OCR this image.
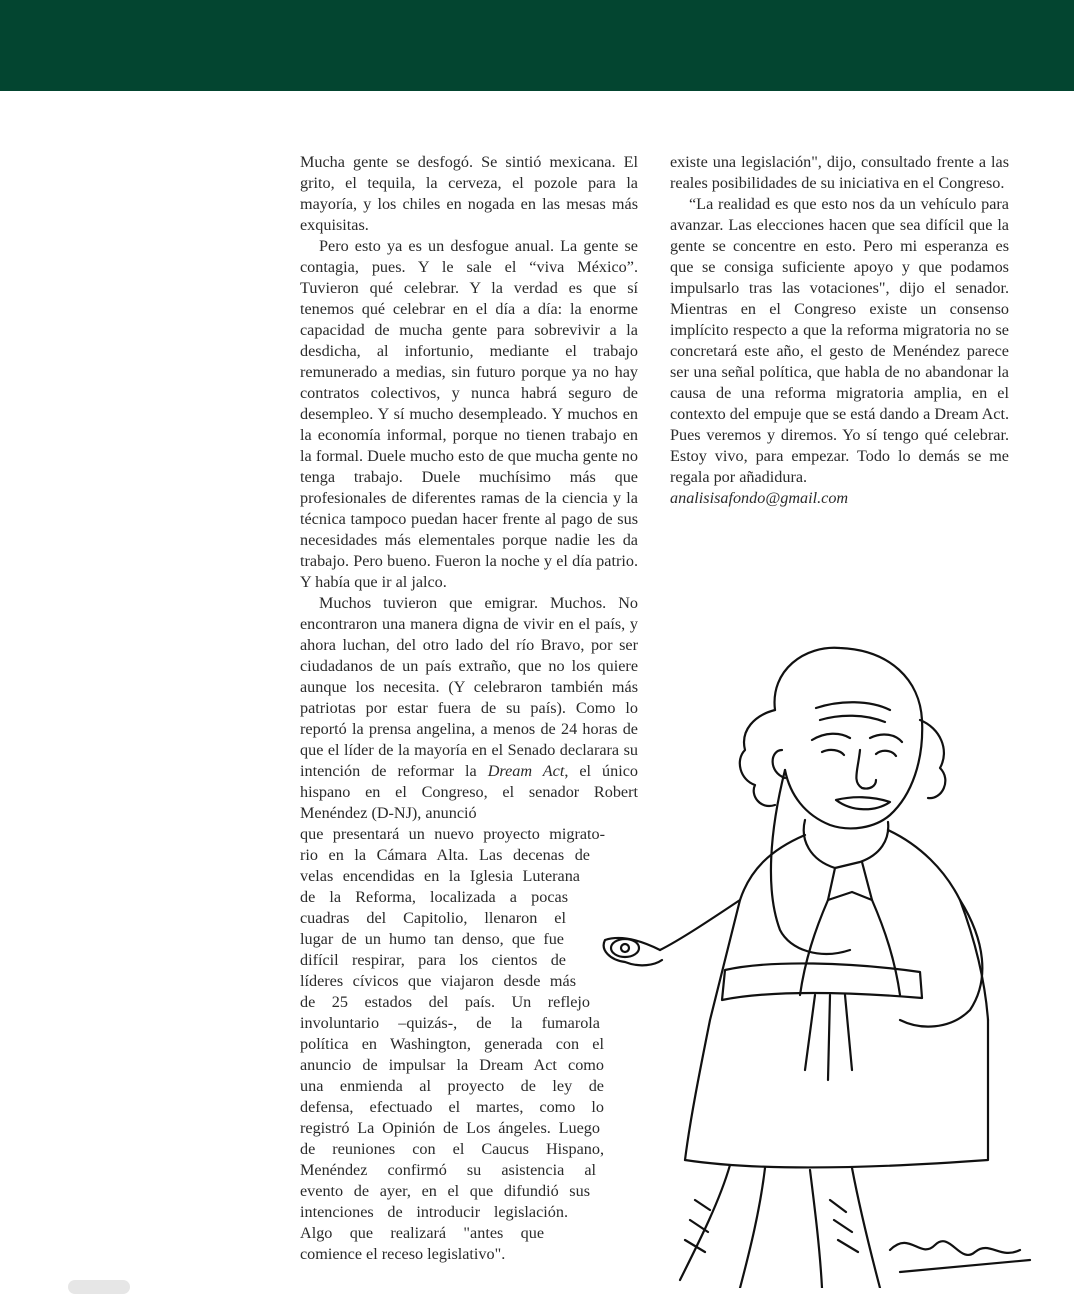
Mucha gente se desfogó. Se sintió mexicana. El grito, el tequila, la cerveza, el pozole para la mayoría, y los chiles en nogada en las mesas más exquisitas.

Pero esto ya es un desfogue anual. La gente se contagia, pues. Y le sale el “viva México”. Tuvieron qué celebrar. Y la verdad es que sí tenemos qué celebrar en el día a día: la enorme capacidad de mucha gente para sobrevivir a la desdicha, al infortunio, mediante el trabajo remunerado a medias, sin futuro porque ya no hay contratos colectivos, y nunca habrá seguro de desempleo. Y sí mucho desempleado. Y muchos en la economía informal, porque no tienen trabajo en la formal. Duele mucho esto de que mucha gente no tenga trabajo. Duele muchísimo más que profesionales de diferentes ramas de la ciencia y la técnica tampoco puedan hacer frente al pago de sus necesidades más elementales porque nadie les da trabajo. Pero bueno. Fueron la noche y el día patrio. Y había que ir al jalco.

Muchos tuvieron que emigrar. Muchos. No encontraron una manera digna de vivir en el país, y ahora luchan, del otro lado del río Bravo, por ser ciudadanos de un país extraño, que no los quiere aunque los necesita. (Y celebraron también más patriotas por estar fuera de su país). Como lo reportó la prensa angelina, a menos de 24 horas de que el líder de la mayoría en el Senado declarara su intención de reformar la Dream Act, el único hispano en el Congreso, el senador Robert Menéndez (D-NJ), anunció

que presentará un nuevo proyecto migrato-
rio en la Cámara Alta. Las decenas de
velas encendidas en la Iglesia Luterana
de la Reforma, localizada a pocas
cuadras del Capitolio, llenaron el
lugar de un humo tan denso, que fue
difícil respirar, para los cientos de
líderes cívicos que viajaron desde más
de 25 estados del país. Un reflejo
involuntario –quizás-, de la fumarola
política en Washington, generada con el
anuncio de impulsar la Dream Act como
una enmienda al proyecto de ley de
defensa, efectuado el martes, como lo
registró La Opinión de Los ángeles. Luego
de reuniones con el Caucus Hispano,
Menéndez confirmó su asistencia al
evento de ayer, en el que difundió sus
intenciones de introducir legislación.
Algo que realizará "antes que
comience el receso legislativo".

existe una legislación", dijo, consultado frente a las reales posibilidades de su iniciativa en el Congreso.

“La realidad es que esto nos da un vehículo para avanzar. Las elecciones hacen que sea difícil que la gente se concentre en esto. Pero mi esperanza es que se consiga suficiente apoyo y que podamos impulsarlo tras las votaciones", dijo el senador. Mientras en el Congreso existe un consenso implícito respecto a que la reforma migratoria no se concretará este año, el gesto de Menéndez parece ser una señal política, que habla de no abandonar la causa de una reforma migratoria amplia, en el contexto del empuje que se está dando a Dream Act. Pues veremos y diremos. Yo sí tengo qué celebrar. Estoy vivo, para empezar. Todo lo demás se me regala por añadidura.

analisisafondo@gmail.com
